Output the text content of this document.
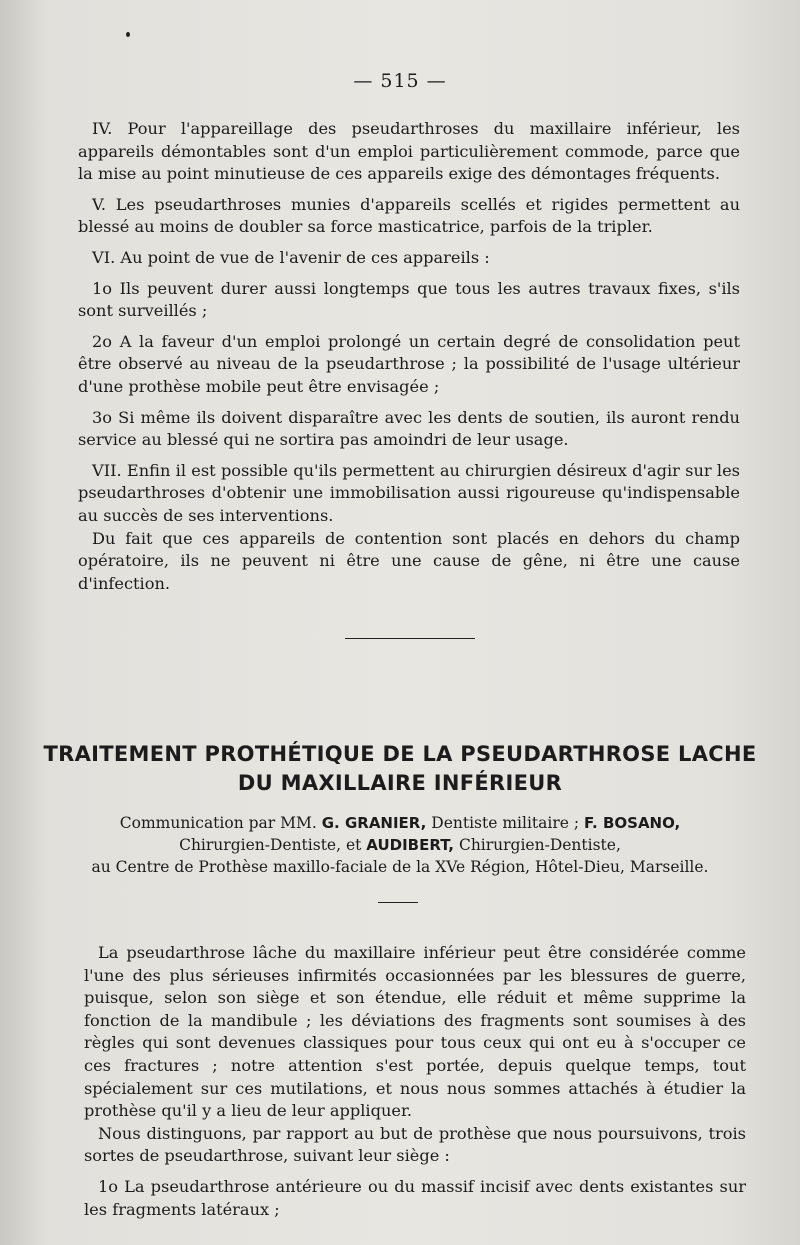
— 515 —

IV. Pour l'appareillage des pseudarthroses du maxillaire inférieur, les appareils démontables sont d'un emploi particulièrement commode, parce que la mise au point minutieuse de ces appareils exige des démontages fréquents.

V. Les pseudarthroses munies d'appareils scellés et rigides permettent au blessé au moins de doubler sa force masticatrice, parfois de la tripler.

VI. Au point de vue de l'avenir de ces appareils :

1o Ils peuvent durer aussi longtemps que tous les autres travaux fixes, s'ils sont surveillés ;

2o A la faveur d'un emploi prolongé un certain degré de consolidation peut être observé au niveau de la pseudarthrose ; la possibilité de l'usage ultérieur d'une prothèse mobile peut être envisagée ;

3o Si même ils doivent disparaître avec les dents de soutien, ils auront rendu service au blessé qui ne sortira pas amoindri de leur usage.

VII. Enfin il est possible qu'ils permettent au chirurgien désireux d'agir sur les pseudarthroses d'obtenir une immobilisation aussi rigoureuse qu'indispensable au succès de ses interventions.

Du fait que ces appareils de contention sont placés en dehors du champ opératoire, ils ne peuvent ni être une cause de gêne, ni être une cause d'infection.

TRAITEMENT PROTHÉTIQUE DE LA PSEUDARTHROSE LACHE
DU MAXILLAIRE INFÉRIEUR
Communication par MM. G. GRANIER, Dentiste militaire ; F. BOSANO,
Chirurgien-Dentiste, et AUDIBERT, Chirurgien-Dentiste,
au Centre de Prothèse maxillo-faciale de la XVe Région, Hôtel-Dieu, Marseille.

La pseudarthrose lâche du maxillaire inférieur peut être considérée comme l'une des plus sérieuses infirmités occasionnées par les blessures de guerre, puisque, selon son siège et son étendue, elle réduit et même supprime la fonction de la mandibule ; les déviations des fragments sont soumises à des règles qui sont devenues classiques pour tous ceux qui ont eu à s'occuper ce ces fractures ; notre attention s'est portée, depuis quelque temps, tout spécialement sur ces mutilations, et nous nous sommes attachés à étudier la prothèse qu'il y a lieu de leur appliquer.

Nous distinguons, par rapport au but de prothèse que nous poursuivons, trois sortes de pseudarthrose, suivant leur siège :

1o La pseudarthrose antérieure ou du massif incisif avec dents existantes sur les fragments latéraux ;
